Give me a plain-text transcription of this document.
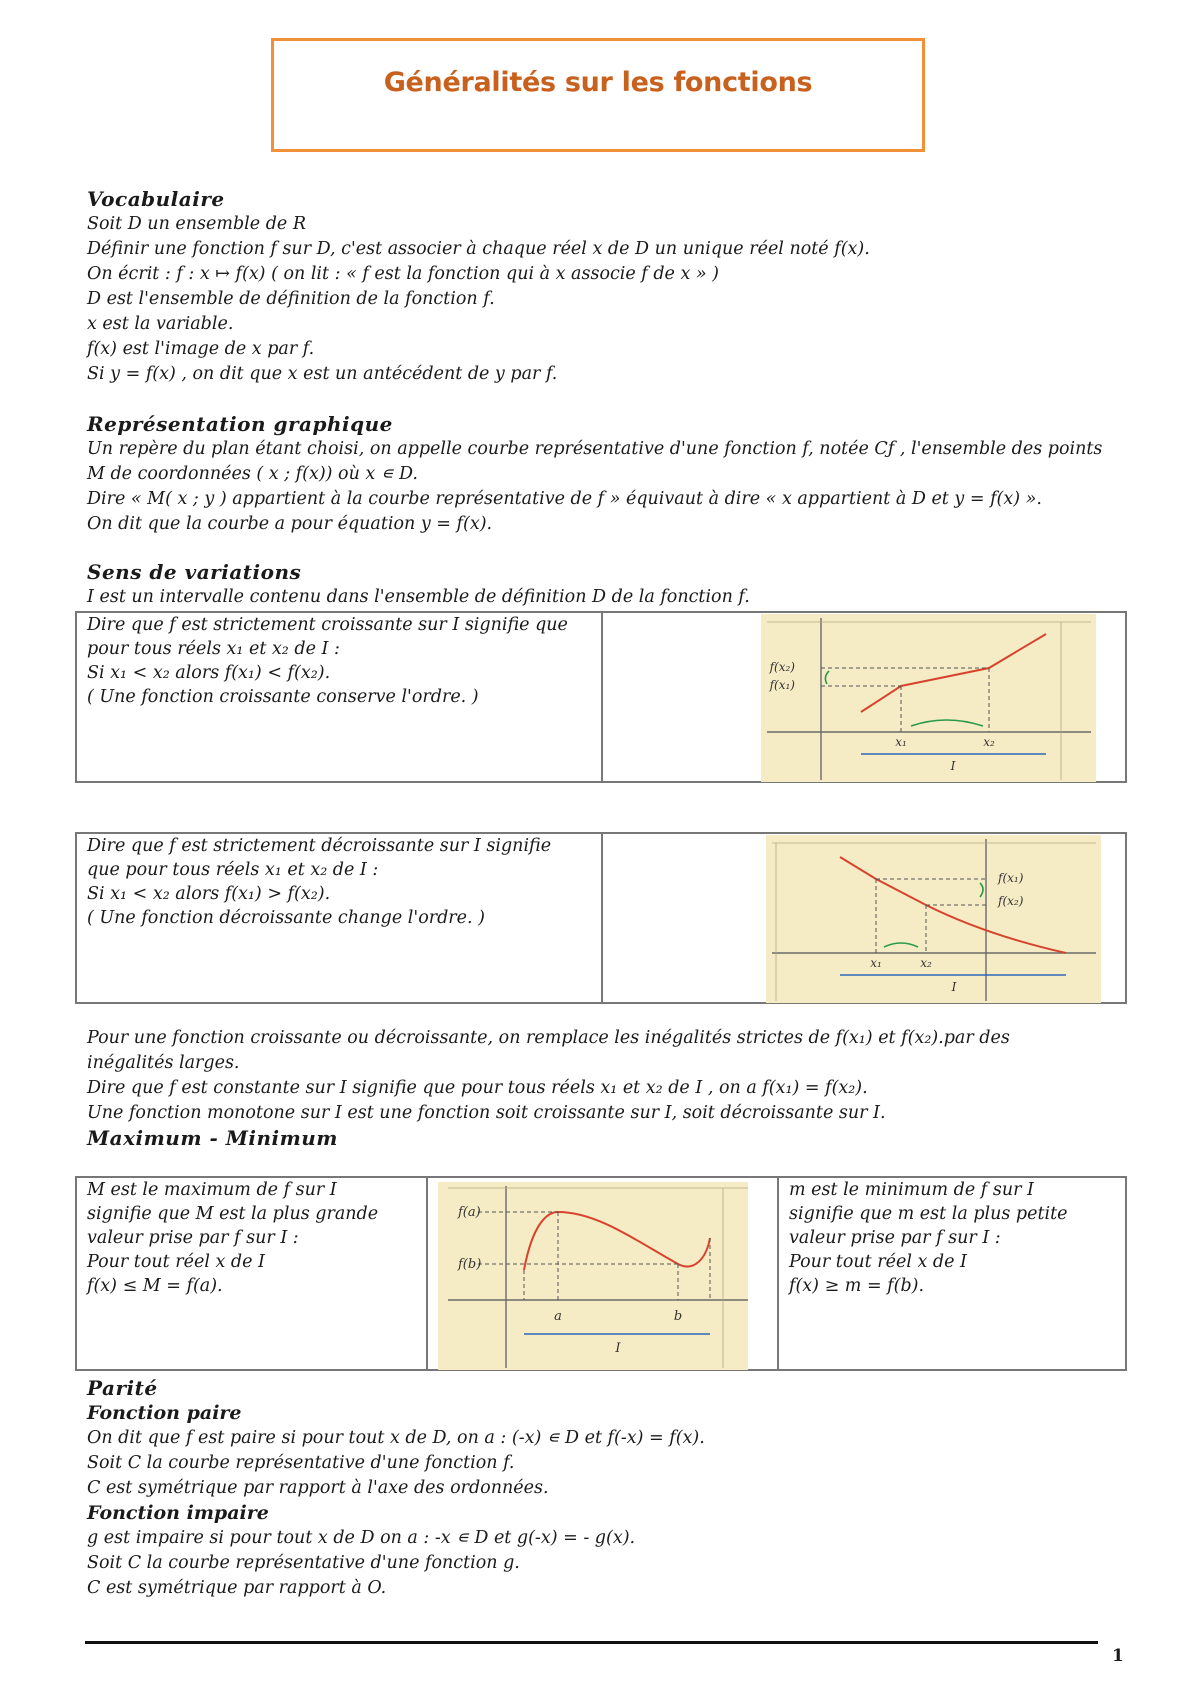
Généralités sur les fonctions
Vocabulaire

Soit D un ensemble de R

Définir une fonction f sur D, c'est associer à chaque réel x de D un unique réel noté f(x).

On écrit : f : x ↦ f(x) ( on lit : « f est la fonction qui à x associe f de x » )

D est l'ensemble de définition de la fonction f.

x est la variable.

f(x) est l'image de x par f.

Si y = f(x) , on dit que x est un antécédent de y par f.

Représentation graphique

Un repère du plan étant choisi, on appelle courbe représentative d'une fonction f, notée Cƒ , l'ensemble des points

M de coordonnées ( x ; f(x)) où x ∊ D.

Dire « M( x ; y ) appartient à la courbe représentative de f » équivaut à dire « x appartient à D et y = f(x) ».

On dit que la courbe a pour équation y = f(x).

Sens de variations

I est un intervalle contenu dans l'ensemble de définition D de la fonction f.

Dire que f est strictement croissante sur I signifie que

pour tous réels x₁ et x₂ de I :

Si x₁ < x₂ alors f(x₁) < f(x₂).

( Une fonction croissante conserve l'ordre. )

f(x₁)
f(x₂)
x₁	x₂
I

Dire que f est strictement décroissante sur I signifie

que pour tous réels x₁ et x₂ de I :

Si x₁ < x₂ alors f(x₁) > f(x₂).

( Une fonction décroissante change l'ordre. )

f(x₁)
f(x₂)
x₁	x₂
I

Pour une fonction croissante ou décroissante, on remplace les inégalités strictes de f(x₁) et f(x₂).par des

inégalités larges.

Dire que f est constante sur I signifie que pour tous réels x₁ et x₂ de I , on a f(x₁) = f(x₂).

Une fonction monotone sur I est une fonction soit croissante sur I, soit décroissante sur I.

Maximum - Minimum

M est le maximum de f sur I

signifie que M est la plus grande

valeur prise par f sur I :

Pour tout réel x de I

f(x) ≤ M = f(a).

f(a)
f(b)
a	b
I

m est le minimum de f sur I

signifie que m est la plus petite

valeur prise par f sur I :

Pour tout réel x de I

f(x) ≥ m = f(b).

Parité
Fonction paire

On dit que f est paire si pour tout x de D, on a : (-x) ∊ D et f(-x) = f(x).

Soit C la courbe représentative d'une fonction f.

C est symétrique par rapport à l'axe des ordonnées.

Fonction impaire

g est impaire si pour tout x de D on a : -x ∊ D et g(-x) = - g(x).

Soit C la courbe représentative d'une fonction g.

C est symétrique par rapport à O.

1
